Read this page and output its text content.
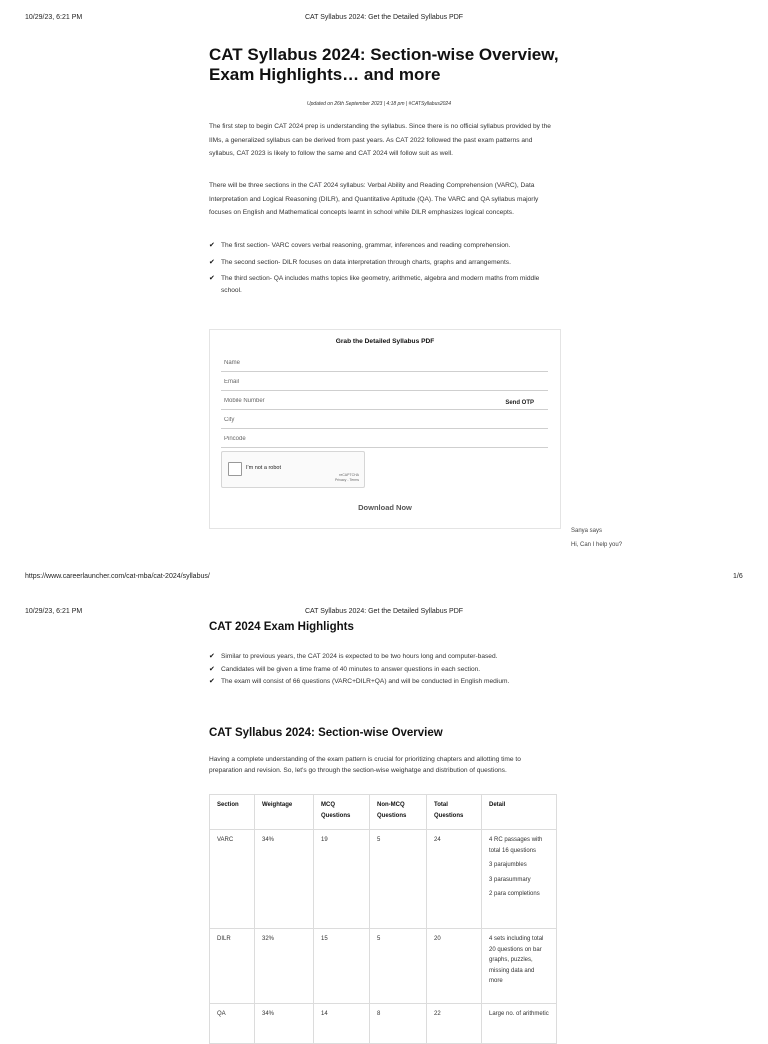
10/29/23, 6:21 PM	CAT Syllabus 2024: Get the Detailed Syllabus PDF
CAT Syllabus 2024: Section-wise Overview,
Exam Highlights… and more
Updated on 26th September 2023 | 4:18 pm | #CATSyllabus2024

The first step to begin CAT 2024 prep is understanding the syllabus. Since there is no official syllabus provided by the IIMs, a generalized syllabus can be derived from past years. As CAT 2022 followed the past exam patterns and syllabus, CAT 2023 is likely to follow the same and CAT 2024 will follow suit as well.

There will be three sections in the CAT 2024 syllabus: Verbal Ability and Reading Comprehension (VARC), Data Interpretation and Logical Reasoning (DILR), and Quantitative Aptitude (QA). The VARC and QA syllabus majorly focuses on English and Mathematical concepts learnt in school while DILR emphasizes logical concepts.

✔ The first section- VARC covers verbal reasoning, grammar, inferences and reading comprehension.
✔ The second section- DILR focuses on data interpretation through charts, graphs and arrangements.
✔ The third section- QA includes maths topics like geometry, arithmetic, algebra and modern maths from middle school.
Grab the Detailed Syllabus PDF
Name
Email
Mobile Number
Send OTP
City
Pincode
I'm not a robot
reCAPTCHA
Privacy - Terms
Download Now
Sanya says
Hi, Can I help you?
https://www.careerlauncher.com/cat-mba/cat-2024/syllabus/	1/6
10/29/23, 6:21 PM	CAT Syllabus 2024: Get the Detailed Syllabus PDF
CAT 2024 Exam Highlights
✔ Similar to previous years, the CAT 2024 is expected to be two hours long and computer-based.
✔ Candidates will be given a time frame of 40 minutes to answer questions in each section.
✔ The exam will consist of 66 questions (VARC+DILR+QA) and will be conducted in English medium.
CAT Syllabus 2024: Section-wise Overview

Having a complete understanding of the exam pattern is crucial for prioritizing chapters and allotting time to preparation and revision. So, let's go through the section-wise weighatge and distribution of questions.

Section	Weightage	MCQ Questions	Non-MCQ Questions	Total Questions	Detail
VARC	34%	19	5	24	4 RC passages with total 16 questions
3 parajumbles
3 parasummary
2 para completions

DILR	32%	15	5	20	4 sets including total 20 questions on bar graphs, puzzles, missing data and more

QA	34%	14	8	22	Large no. of arithmetic
